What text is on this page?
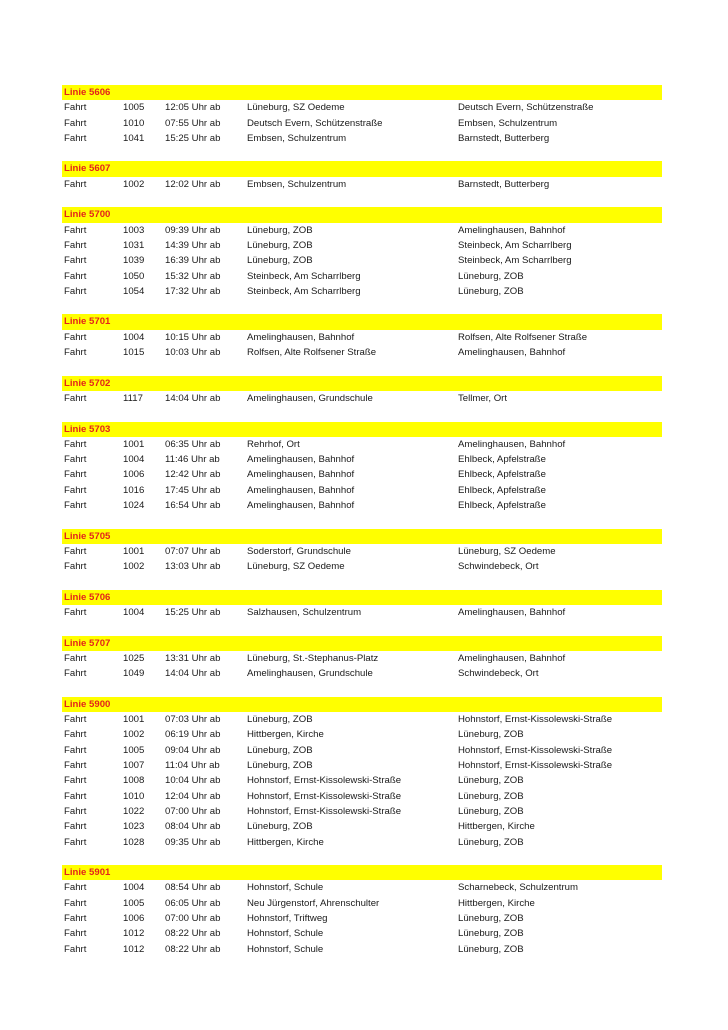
Linie 5606
Fahrt	1005 12:05 Uhr ab	Lüneburg, SZ Oedeme	Deutsch Evern, Schützenstraße
Fahrt	1010 07:55 Uhr ab	Deutsch Evern, Schützenstraße	Embsen, Schulzentrum
Fahrt	1041 15:25 Uhr ab	Embsen, Schulzentrum	Barnstedt, Butterberg
Linie 5607
Fahrt	1002 12:02 Uhr ab	Embsen, Schulzentrum	Barnstedt, Butterberg
Linie 5700
Fahrt	1003 09:39 Uhr ab	Lüneburg, ZOB	Amelinghausen, Bahnhof
Fahrt	1031 14:39 Uhr ab	Lüneburg, ZOB	Steinbeck, Am Scharrlberg
Fahrt	1039 16:39 Uhr ab	Lüneburg, ZOB	Steinbeck, Am Scharrlberg
Fahrt	1050 15:32 Uhr ab	Steinbeck, Am Scharrlberg	Lüneburg, ZOB
Fahrt	1054 17:32 Uhr ab	Steinbeck, Am Scharrlberg	Lüneburg, ZOB
Linie 5701
Fahrt	1004 10:15 Uhr ab	Amelinghausen, Bahnhof	Rolfsen, Alte Rolfsener Straße
Fahrt	1015 10:03 Uhr ab	Rolfsen, Alte Rolfsener Straße	Amelinghausen, Bahnhof
Linie 5702
Fahrt	1117 14:04 Uhr ab	Amelinghausen, Grundschule	Tellmer, Ort
Linie 5703
Fahrt	1001 06:35 Uhr ab	Rehrhof, Ort	Amelinghausen, Bahnhof
Fahrt	1004 11:46 Uhr ab	Amelinghausen, Bahnhof	Ehlbeck, Apfelstraße
Fahrt	1006 12:42 Uhr ab	Amelinghausen, Bahnhof	Ehlbeck, Apfelstraße
Fahrt	1016 17:45 Uhr ab	Amelinghausen, Bahnhof	Ehlbeck, Apfelstraße
Fahrt	1024 16:54 Uhr ab	Amelinghausen, Bahnhof	Ehlbeck, Apfelstraße
Linie 5705
Fahrt	1001 07:07 Uhr ab	Soderstorf, Grundschule	Lüneburg, SZ Oedeme
Fahrt	1002 13:03 Uhr ab	Lüneburg, SZ Oedeme	Schwindebeck, Ort
Linie 5706
Fahrt	1004 15:25 Uhr ab	Salzhausen, Schulzentrum	Amelinghausen, Bahnhof
Linie 5707
Fahrt	1025 13:31 Uhr ab	Lüneburg, St.-Stephanus-Platz	Amelinghausen, Bahnhof
Fahrt	1049 14:04 Uhr ab	Amelinghausen, Grundschule	Schwindebeck, Ort
Linie 5900
Fahrt	1001 07:03 Uhr ab	Lüneburg, ZOB	Hohnstorf, Ernst-Kissolewski-Straße
Fahrt	1002 06:19 Uhr ab	Hittbergen, Kirche	Lüneburg, ZOB
Fahrt	1005 09:04 Uhr ab	Lüneburg, ZOB	Hohnstorf, Ernst-Kissolewski-Straße
Fahrt	1007 11:04 Uhr ab	Lüneburg, ZOB	Hohnstorf, Ernst-Kissolewski-Straße
Fahrt	1008 10:04 Uhr ab	Hohnstorf, Ernst-Kissolewski-Straße	Lüneburg, ZOB
Fahrt	1010 12:04 Uhr ab	Hohnstorf, Ernst-Kissolewski-Straße	Lüneburg, ZOB
Fahrt	1022 07:00 Uhr ab	Hohnstorf, Ernst-Kissolewski-Straße	Lüneburg, ZOB
Fahrt	1023 08:04 Uhr ab	Lüneburg, ZOB	Hittbergen, Kirche
Fahrt	1028 09:35 Uhr ab	Hittbergen, Kirche	Lüneburg, ZOB
Linie 5901
Fahrt	1004 08:54 Uhr ab	Hohnstorf, Schule	Scharnebeck, Schulzentrum
Fahrt	1005 06:05 Uhr ab	Neu Jürgenstorf, Ahrenschulter	Hittbergen, Kirche
Fahrt	1006 07:00 Uhr ab	Hohnstorf, Triftweg	Lüneburg, ZOB
Fahrt	1012 08:22 Uhr ab	Hohnstorf, Schule	Lüneburg, ZOB
Fahrt	1012 08:22 Uhr ab	Hohnstorf, Schule	Lüneburg, ZOB
